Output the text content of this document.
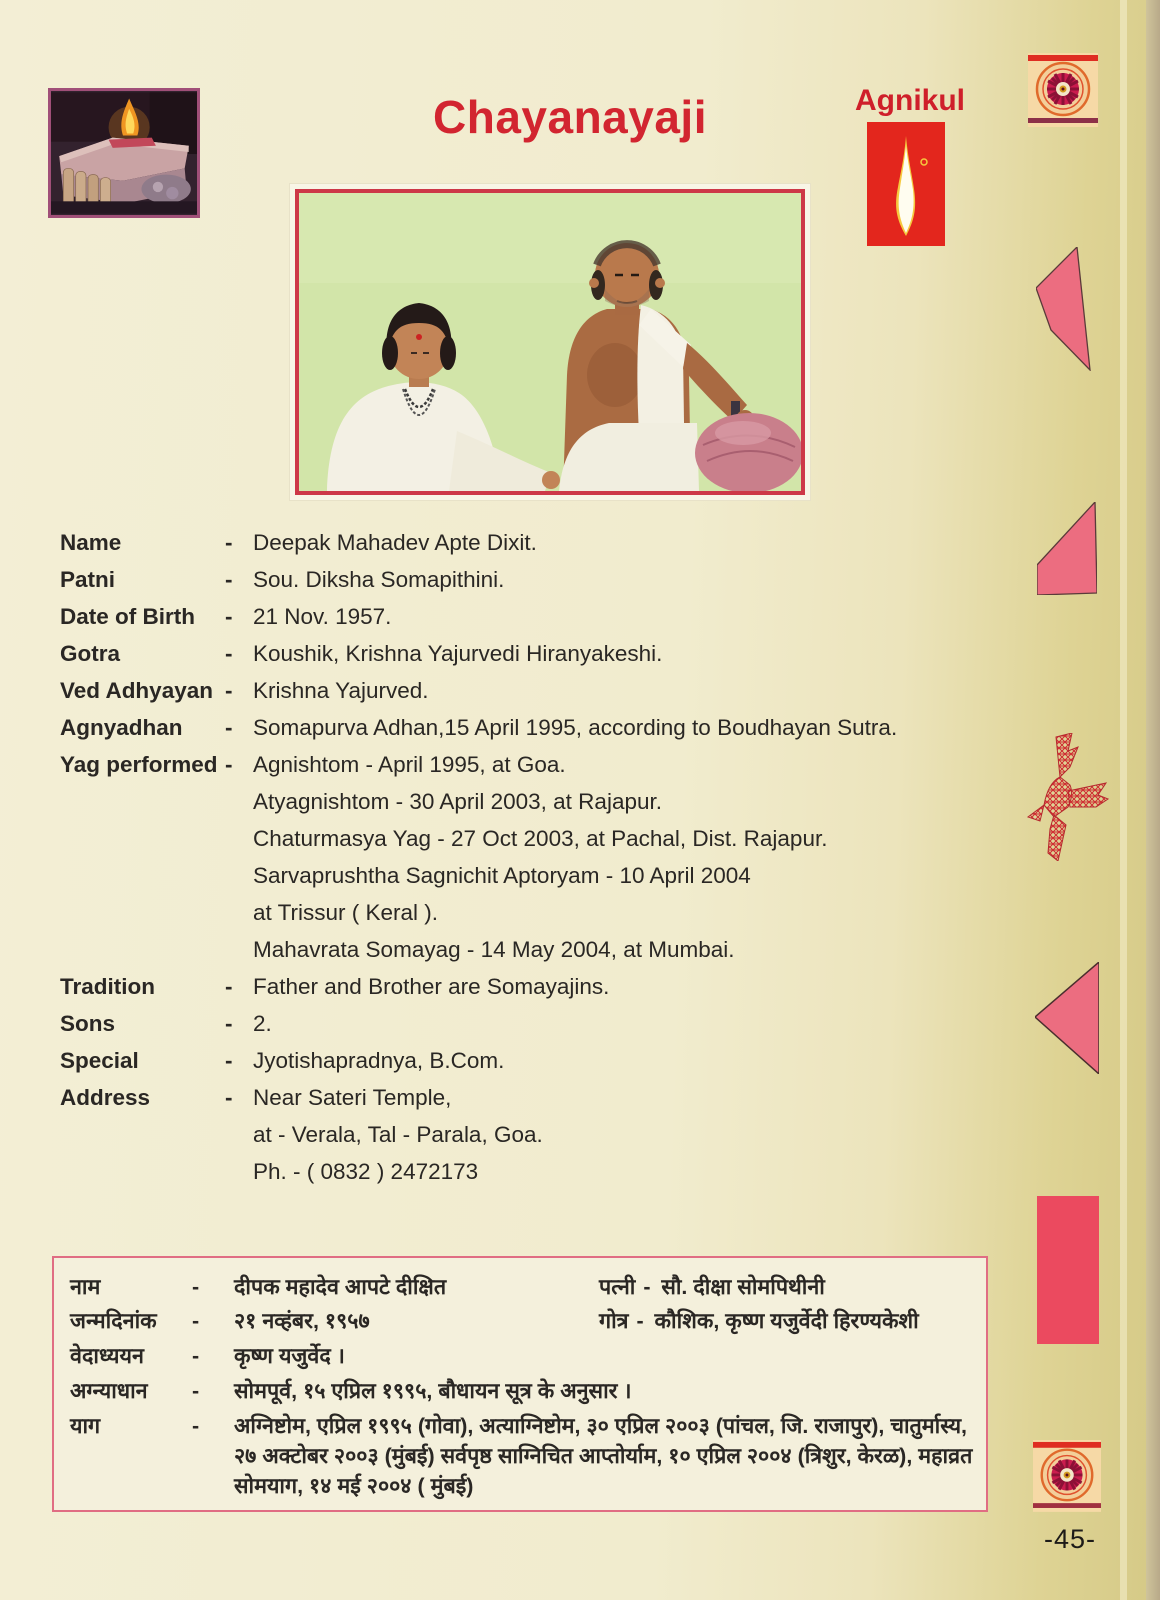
Chayanayaji	Agnikul
Name	- Deepak Mahadev Apte Dixit.
Patni	- Sou. Diksha Somapithini.
Date of Birth	- 21 Nov. 1957.
Gotra	- Koushik, Krishna Yajurvedi Hiranyakeshi.
Ved Adhyayan - Krishna Yajurved.
Agnyadhan	- Somapurva Adhan,15 April 1995, according to Boudhayan Sutra.
Yag performed - Agnishtom - April 1995, at Goa.
Atyagnishtom - 30 April 2003, at Rajapur.
Chaturmasya Yag - 27 Oct 2003, at Pachal, Dist. Rajapur.
Sarvaprushtha Sagnichit Aptoryam - 10 April 2004
at Trissur ( Keral ).
Mahavrata Somayag - 14 May 2004, at Mumbai.
Tradition	- Father and Brother are Somayajins.
Sons	- 2.
Special	- Jyotishapradnya, B.Com.
Address	- Near Sateri Temple,
at - Verala, Tal - Parala, Goa.
Ph. - ( 0832 ) 2472173
नाम	-	दीपक महादेव आपटे दीक्षित
जन्मदिनांक	-	२१ नव्हंबर, १९५७
वेदाध्ययन	-	कृष्ण यजुर्वेद ।
अग्न्याधान	-	सोमपूर्व, १५ एप्रिल १९९५, बौधायन सूत्र के अनुसार ।
याग	-	अग्निष्टोम, एप्रिल १९९५ (गोवा), अत्याग्निष्टोम, ३० एप्रिल २००३ (पांचल, जि. राजापुर), चातुर्मास्य, २७ अक्टोबर २००३ (मुंबई) सर्वपृष्ठ साग्निचित आप्तोर्याम, १० एप्रिल २००४ (त्रिशुर, केरळ), महाव्रत सोमयाग, १४ मई २००४ ( मुंबई)
पत्नी - सौ. दीक्षा सोमपिथीनी
गोत्र - कौशिक, कृष्ण यजुर्वेदी हिरण्यकेशी
-45-
